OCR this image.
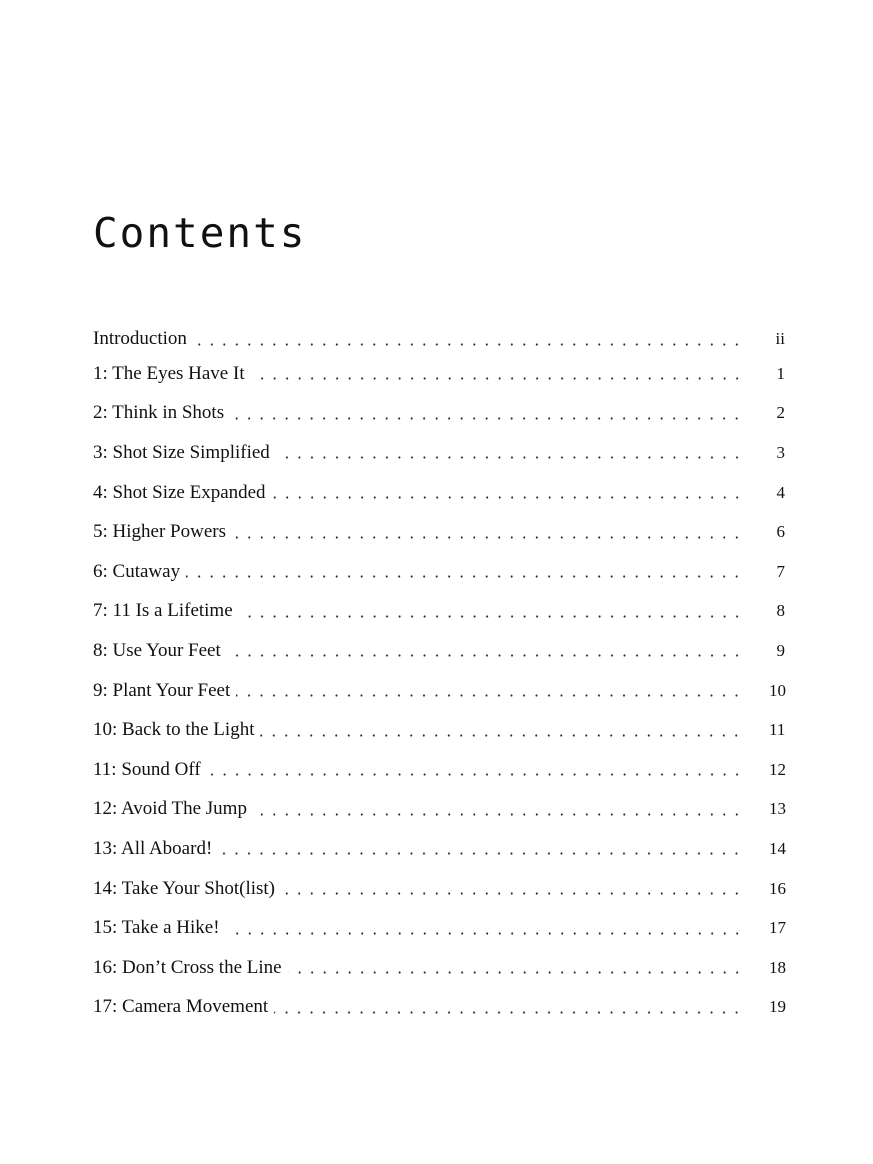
Contents
Introduction	ii
1: The Eyes Have It	1
2: Think in Shots	2
3: Shot Size Simplified	3
4: Shot Size Expanded	4
5: Higher Powers	6
6: Cutaway	7
7: 11 Is a Lifetime	8
8: Use Your Feet	9
9: Plant Your Feet	10
10: Back to the Light	11
11: Sound Off	12
12: Avoid The Jump	13
13: All Aboard!	14
14: Take Your Shot(list)	16
15: Take a Hike!	17
16: Don’t Cross the Line	18
17: Camera Movement	19
